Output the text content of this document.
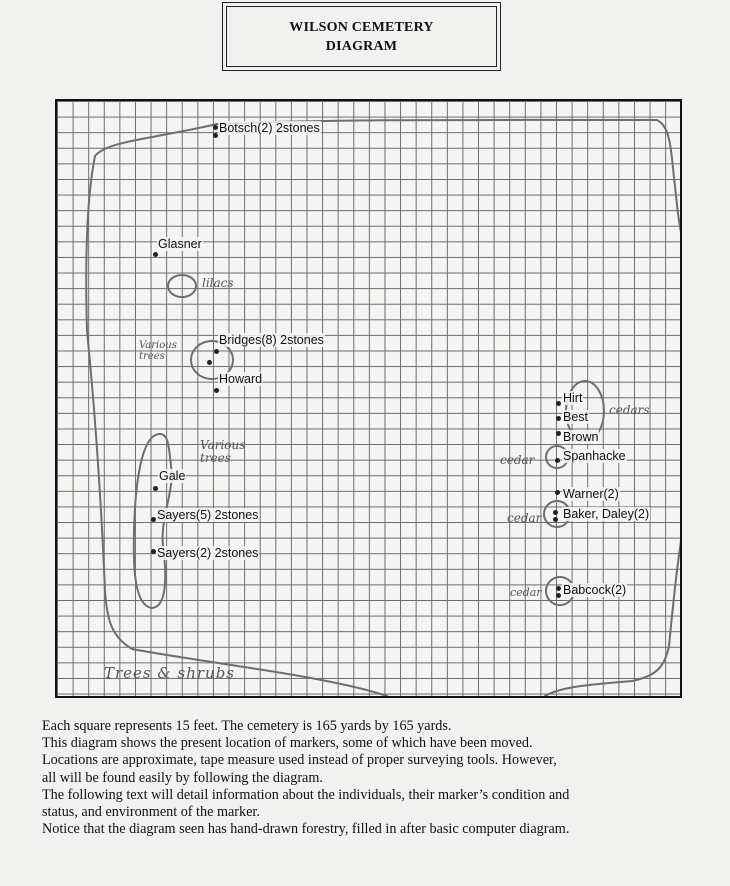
WILSON CEMETERY
DIAGRAM
lilacs
Various trees
Various trees
cedars
cedar
cedar
cedar
Trees & shrubs
Botsch(2) 2stones
Glasner
Bridges(8) 2stones
Howard
Gale
Sayers(5) 2stones
Sayers(2) 2stones
Hirt
Best
Brown
Spanhacke
Warner(2)
Baker, Daley(2)
Babcock(2)

Each square represents 15 feet. The cemetery is 165 yards by 165 yards.

This diagram shows the present location of markers, some of which have been moved.

Locations are approximate, tape measure used instead of proper surveying tools. However,

all will be found easily by following the diagram.

The following text will detail information about the individuals, their marker’s condition and

status, and environment of the marker.

Notice that the diagram seen has hand-drawn forestry, filled in after basic computer diagram.
